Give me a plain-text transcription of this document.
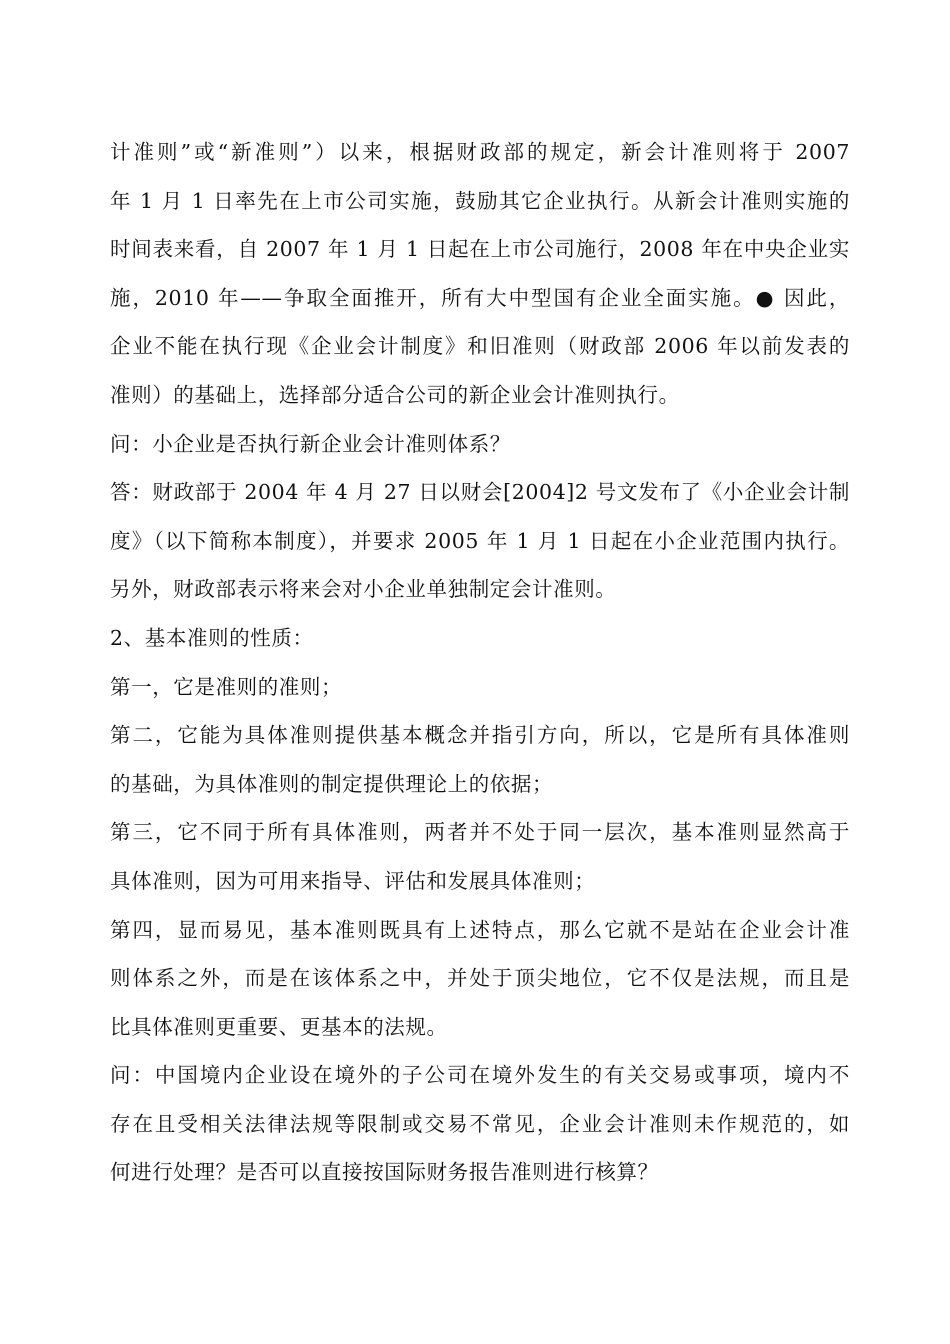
计准则”或“新准则”）以来，根据财政部的规定，新会计准则将于 2007
年 1 月 1 日率先在上市公司实施，鼓励其它企业执行。从新会计准则实施的
时间表来看，自 2007 年 1 月 1 日起在上市公司施行，2008 年在中央企业实
施，2010 年——争取全面推开，所有大中型国有企业全面实施。● 因此，
企业不能在执行现《企业会计制度》和旧准则（财政部 2006 年以前发表的
准则）的基础上，选择部分适合公司的新企业会计准则执行。

问：小企业是否执行新企业会计准则体系？

答：财政部于 2004 年 4 月 27 日以财会[2004]2 号文发布了《小企业会计制
度》（以下简称本制度），并要求 2005 年 1 月 1 日起在小企业范围内执行。
另外，财政部表示将来会对小企业单独制定会计准则。

2、基本准则的性质：

第一，它是准则的准则；

第二，它能为具体准则提供基本概念并指引方向，所以，它是所有具体准则
的基础，为具体准则的制定提供理论上的依据；

第三，它不同于所有具体准则，两者并不处于同一层次，基本准则显然高于
具体准则，因为可用来指导、评估和发展具体准则；

第四，显而易见，基本准则既具有上述特点，那么它就不是站在企业会计准
则体系之外，而是在该体系之中，并处于顶尖地位，它不仅是法规，而且是
比具体准则更重要、更基本的法规。

问：中国境内企业设在境外的子公司在境外发生的有关交易或事项，境内不
存在且受相关法律法规等限制或交易不常见，企业会计准则未作规范的，如
何进行处理？是否可以直接按国际财务报告准则进行核算？
